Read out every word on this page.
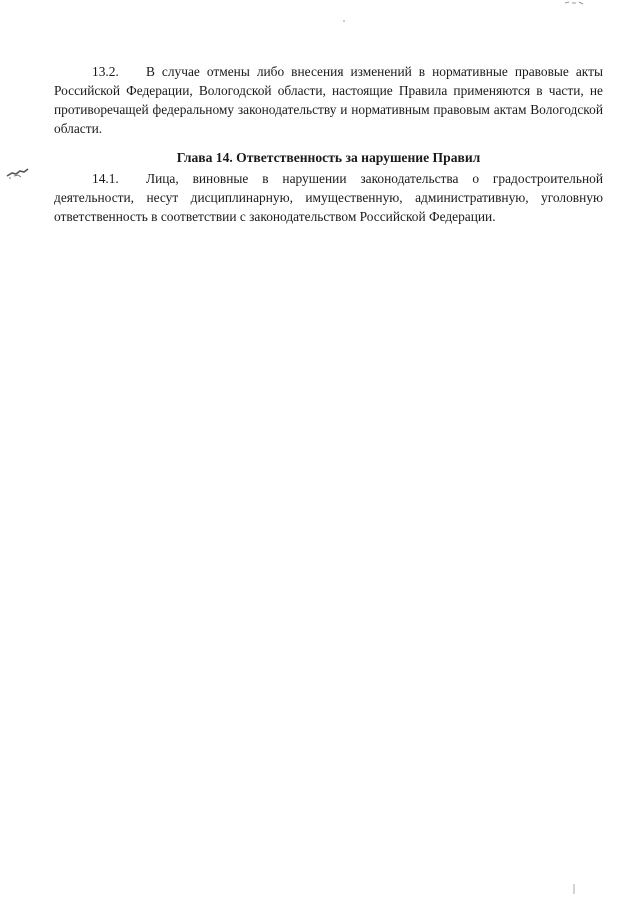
13.2. В случае отмены либо внесения изменений в нормативные правовые акты Российской Федерации, Вологодской области, настоящие Правила применяются в части, не противоречащей федеральному законодательству и нормативным правовым актам Вологодской области.

Глава 14. Ответственность за нарушение Правил

14.1. Лица, виновные в нарушении законодательства о градостроительной деятельности, несут дисциплинарную, имущественную, административную, уголовную ответственность в соответствии с законодательством Российской Федерации.
